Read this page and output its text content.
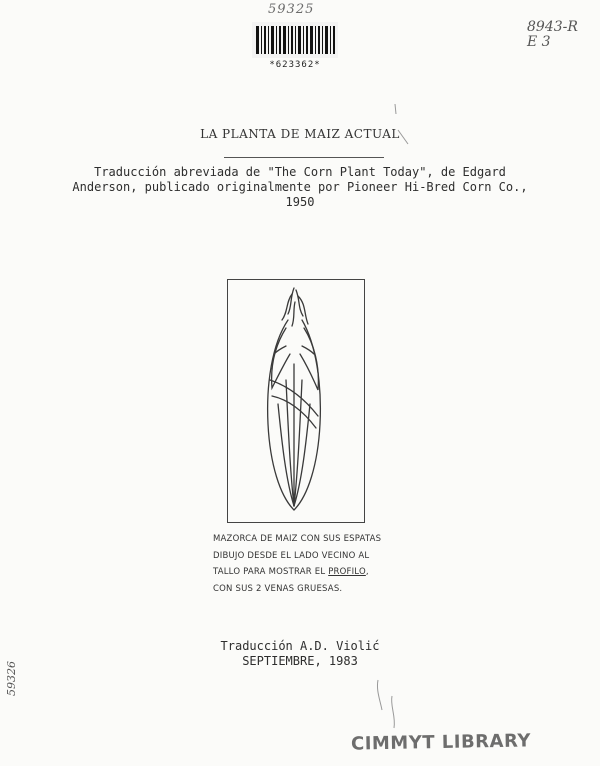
59325
*623362*
8943-R
E 3
LA PLANTA DE MAIZ ACTUAL
Traducción abreviada de "The Corn Plant Today", de Edgard Anderson, publicado originalmente por Pioneer Hi-Bred Corn Co., 1950
MAZORCA DE MAIZ CON SUS ESPATAS
DIBUJO DESDE EL LADO VECINO AL
TALLO PARA MOSTRAR EL PROFILO,
CON SUS 2 VENAS GRUESAS.
Traducción A.D. Violić
SEPTIEMBRE, 1983
59326
CIMMYT LIBRARY
